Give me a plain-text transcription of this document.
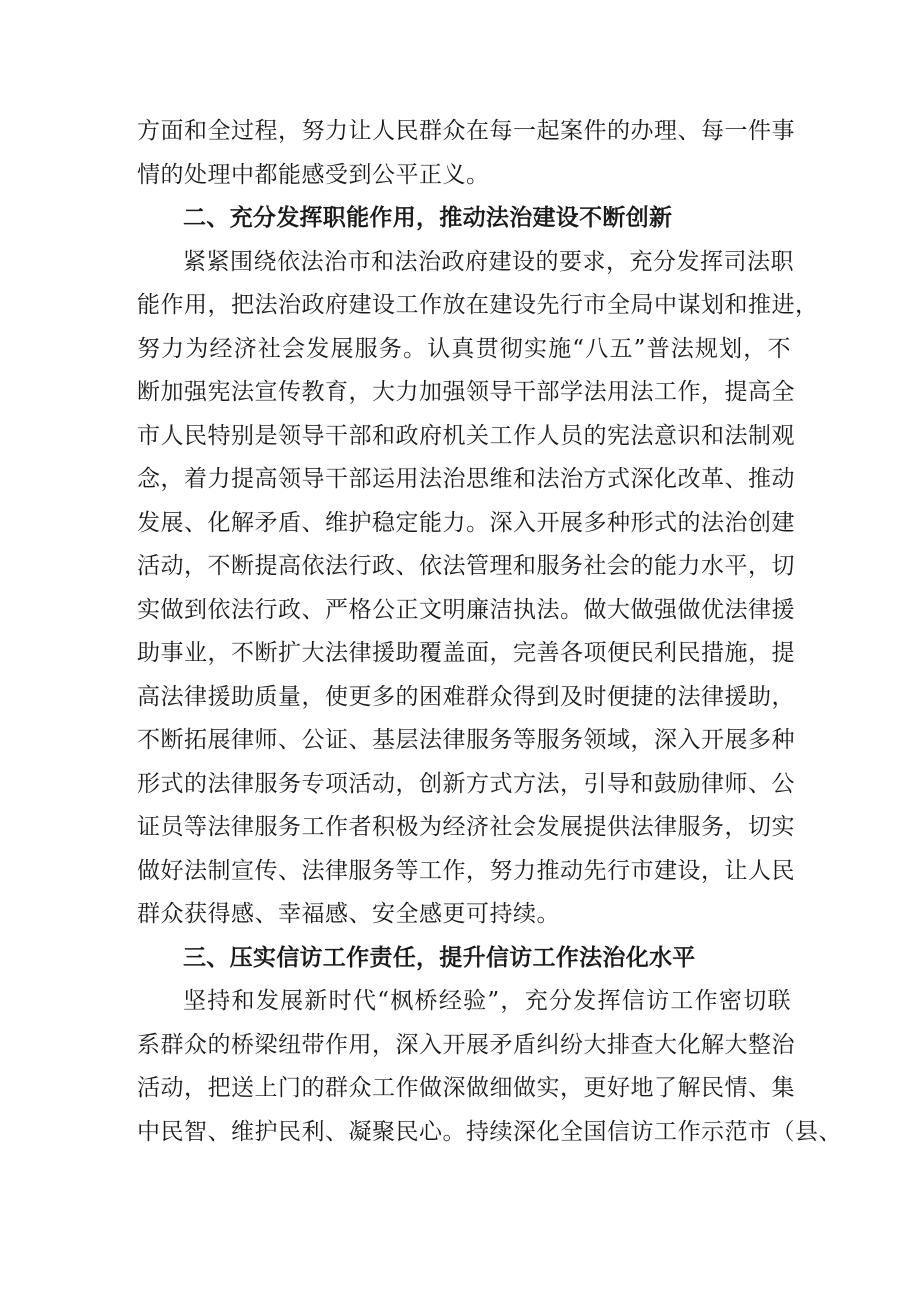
方面和全过程，努力让人民群众在每一起案件的办理、每一件事
情的处理中都能感受到公平正义。
二、充分发挥职能作用，推动法治建设不断创新
紧紧围绕依法治市和法治政府建设的要求，充分发挥司法职
能作用，把法治政府建设工作放在建设先行市全局中谋划和推进，
努力为经济社会发展服务。认真贯彻实施“八五”普法规划，不
断加强宪法宣传教育，大力加强领导干部学法用法工作，提高全
市人民特别是领导干部和政府机关工作人员的宪法意识和法制观
念，着力提高领导干部运用法治思维和法治方式深化改革、推动
发展、化解矛盾、维护稳定能力。深入开展多种形式的法治创建
活动，不断提高依法行政、依法管理和服务社会的能力水平，切
实做到依法行政、严格公正文明廉洁执法。做大做强做优法律援
助事业，不断扩大法律援助覆盖面，完善各项便民利民措施，提
高法律援助质量，使更多的困难群众得到及时便捷的法律援助，
不断拓展律师、公证、基层法律服务等服务领域，深入开展多种
形式的法律服务专项活动，创新方式方法，引导和鼓励律师、公
证员等法律服务工作者积极为经济社会发展提供法律服务，切实
做好法制宣传、法律服务等工作，努力推动先行市建设，让人民
群众获得感、幸福感、安全感更可持续。
三、压实信访工作责任，提升信访工作法治化水平
坚持和发展新时代“枫桥经验”，充分发挥信访工作密切联
系群众的桥梁纽带作用，深入开展矛盾纠纷大排查大化解大整治
活动，把送上门的群众工作做深做细做实，更好地了解民情、集
中民智、维护民利、凝聚民心。持续深化全国信访工作示范市（县、
